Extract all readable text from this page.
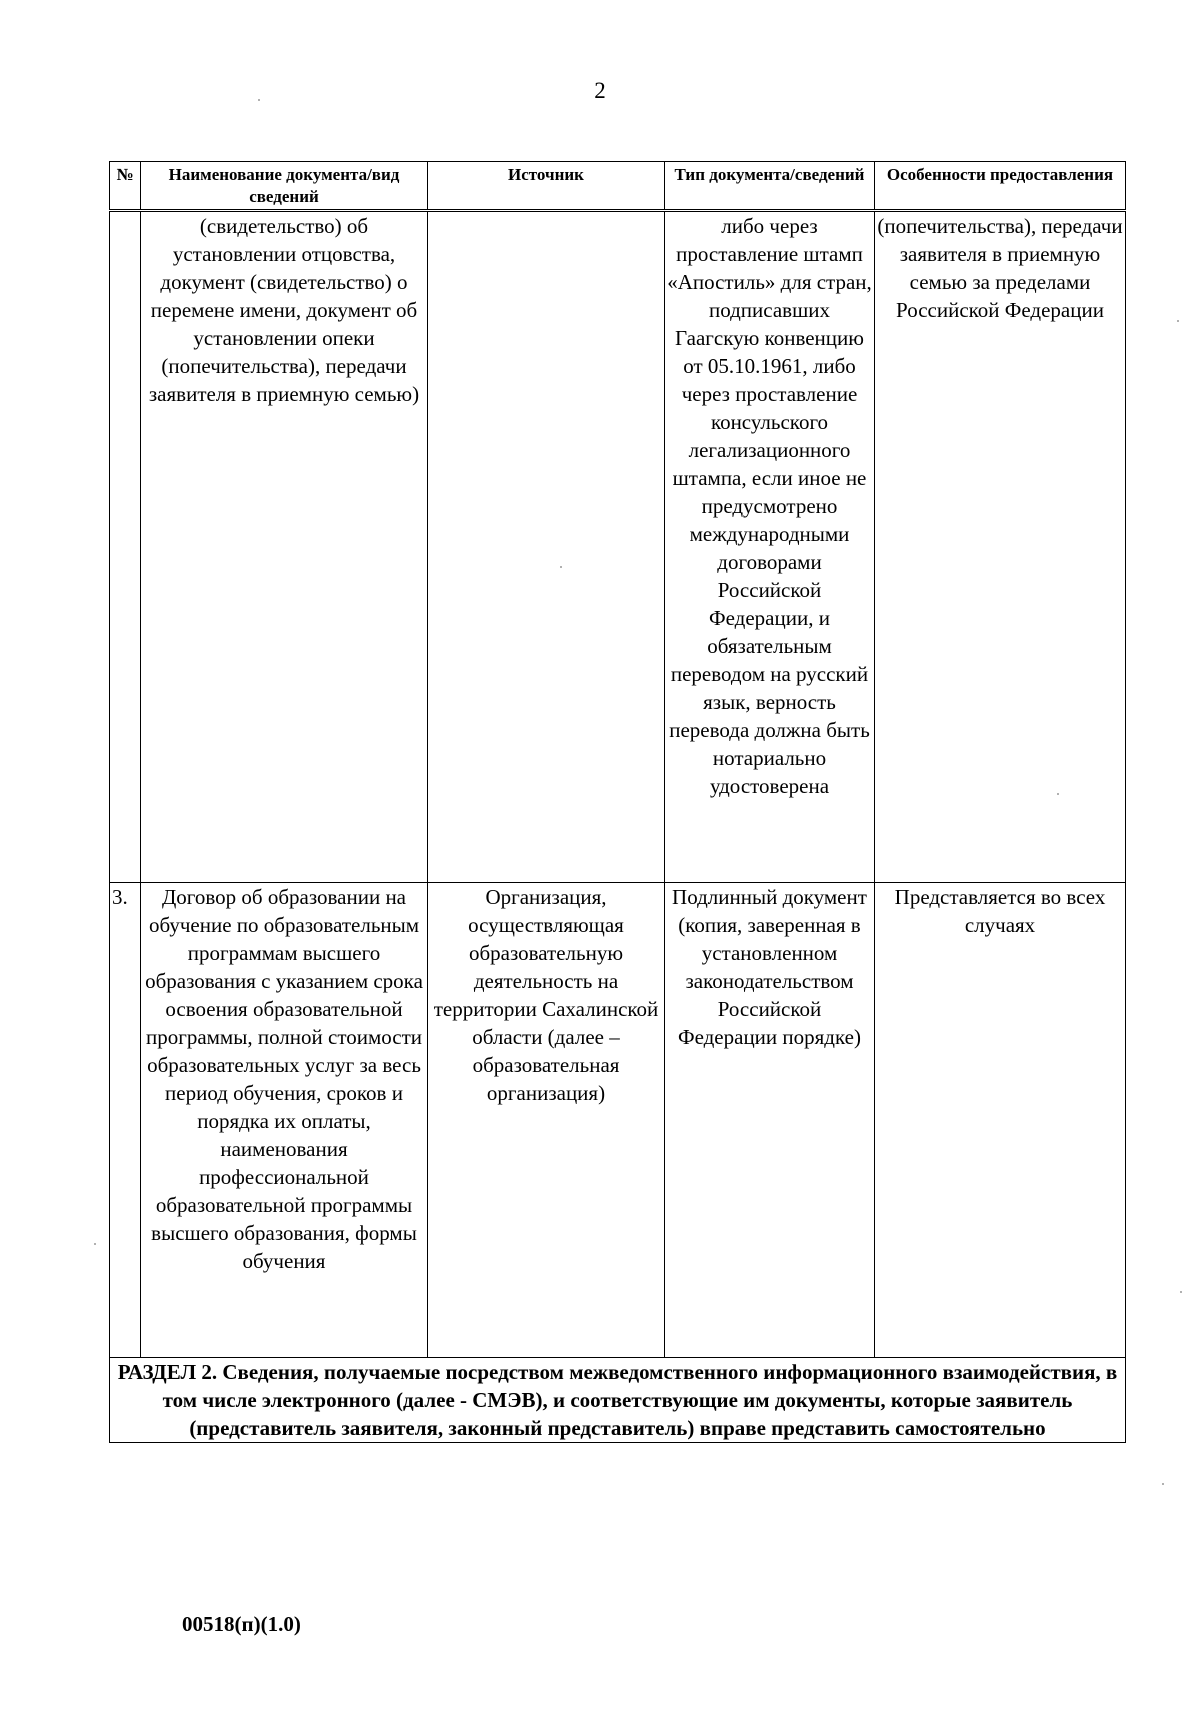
2
№	Наименование документа/вид сведений	Источник	Тип документа/сведений	Особенности предоставления
	(свидетельство) об установлении отцовства, документ (свидетельство) о перемене имени, документ об установлении опеки (попечительства), передачи заявителя в приемную семью)		либо через проставление штамп «Апостиль» для стран, подписавших Гаагскую конвенцию от 05.10.1961, либо через проставление консульского легализационного штампа, если иное не предусмотрено международными договорами Российской Федерации, и обязательным переводом на русский язык, верность перевода должна быть нотариально удостоверена	(попечительства), передачи заявителя в приемную семью за пределами Российской Федерации
3.	Договор об образовании на обучение по образовательным программам высшего образования с указанием срока освоения образовательной программы, полной стоимости образовательных услуг за весь период обучения, сроков и порядка их оплаты, наименования профессиональной образовательной программы высшего образования, формы обучения	Организация, осуществляющая образовательную деятельность на территории Сахалинской области (далее – образовательная организация)	Подлинный документ (копия, заверенная в установленном законодательством Российской Федерации порядке)	Представляется во всех случаях
РАЗДЕЛ 2. Сведения, получаемые посредством межведомственного информационного взаимодействия, в том числе электронного (далее - СМЭВ), и соответствующие им документы, которые заявитель (представитель заявителя, законный представитель) вправе представить самостоятельно				
00518(п)(1.0)
